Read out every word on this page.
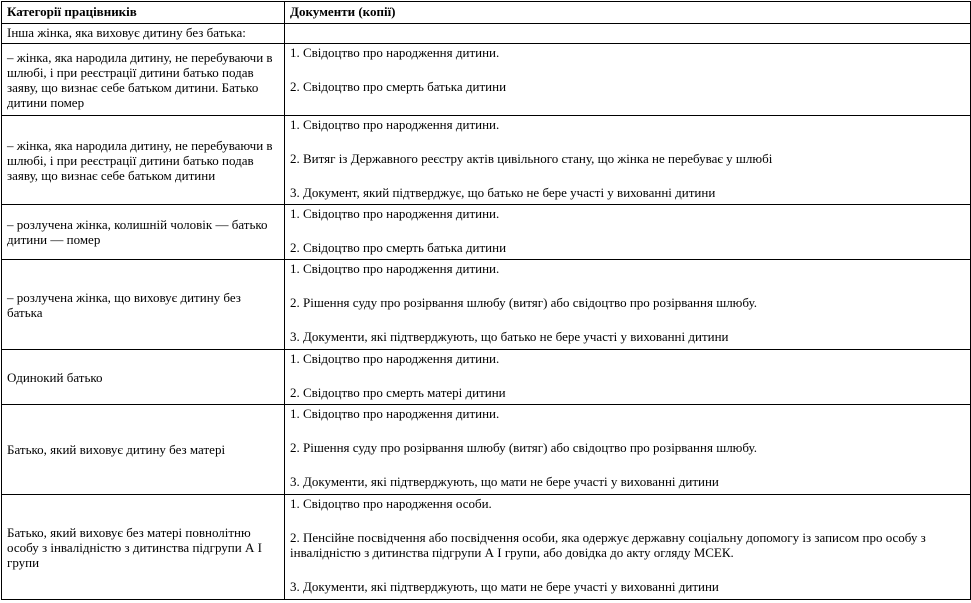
Категорії працівників	Документи (копії)
Інша жінка, яка виховує дитину без батька:	
– жінка, яка народила дитину, не перебуваючи в шлюбі, і при реєстрації дитини батько подав заяву, що визнає себе батьком дитини. Батько дитини помер	1. Свідоцтво про народження дитини.
2. Свідоцтво про смерть батька дитини

– жінка, яка народила дитину, не перебуваючи в шлюбі, і при реєстрації дитини батько подав заяву, що визнає себе батьком дитини	1. Свідоцтво про народження дитини.
2. Витяг із Державного реєстру актів цивільного стану, що жінка не перебуває у шлюбі
3. Документ, який підтверджує, що батько не бере участі у вихованні дитини

– розлучена жінка, колишній чоловік — батько дитини — помер	1. Свідоцтво про народження дитини.
2. Свідоцтво про смерть батька дитини

– розлучена жінка, що виховує дитину без батька	1. Свідоцтво про народження дитини.
2. Рішення суду про розірвання шлюбу (витяг) або свідоцтво про розірвання шлюбу.
3. Документи, які підтверджують, що батько не бере участі у вихованні дитини

Одинокий батько	1. Свідоцтво про народження дитини.
2. Свідоцтво про смерть матері дитини

Батько, який виховує дитину без матері	1. Свідоцтво про народження дитини.
2. Рішення суду про розірвання шлюбу (витяг) або свідоцтво про розірвання шлюбу.
3. Документи, які підтверджують, що мати не бере участі у вихованні дитини

Батько, який виховує без матері повнолітню особу з інвалідністю з дитинства підгрупи А І групи	1. Свідоцтво про народження особи.
2. Пенсійне посвідчення або посвідчення особи, яка одержує державну соціальну допомогу із записом про особу з інвалідністю з дитинства підгрупи А І групи, або довідка до акту огляду МСЕК.
3. Документи, які підтверджують, що мати не бере участі у вихованні дитини
